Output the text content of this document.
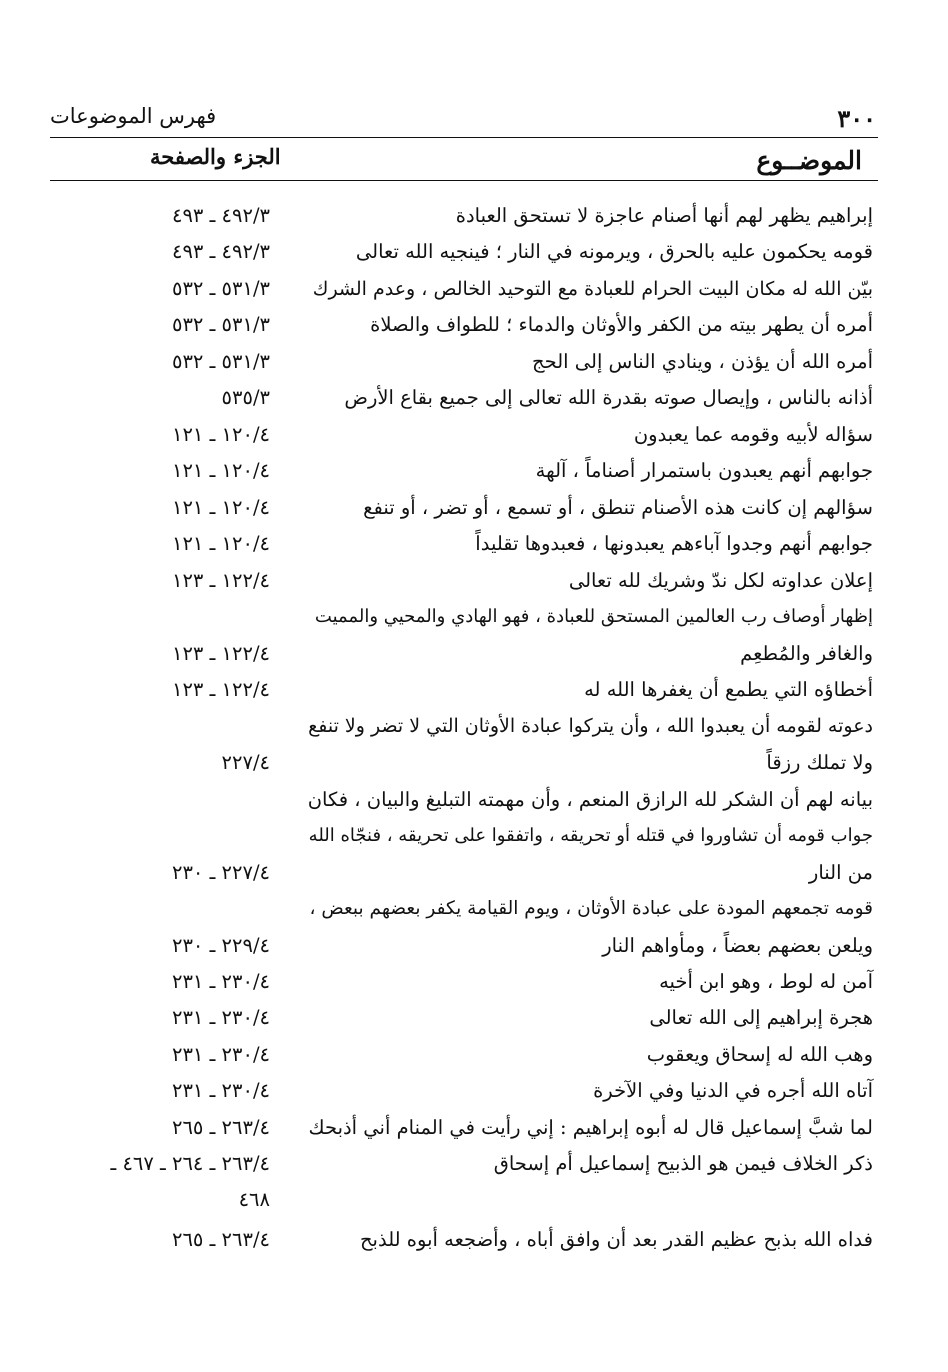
٣٠٠
فهرس الموضوعات
الموضــوع
الجزء والصفحة
إبراهيم يظهر لهم أنها أصنام عاجزة لا تستحق العبادة
٤٩٢/٣ ـ ٤٩٣
قومه يحكمون عليه بالحرق ، ويرمونه في النار ؛ فينجيه الله تعالى
٤٩٢/٣ ـ ٤٩٣
بيّن الله له مكان البيت الحرام للعبادة مع التوحيد الخالص ، وعدم الشرك
٥٣١/٣ ـ ٥٣٢
أمره أن يطهر بيته من الكفر والأوثان والدماء ؛ للطواف والصلاة
٥٣١/٣ ـ ٥٣٢
أمره الله أن يؤذن ، وينادي الناس إلى الحج
٥٣١/٣ ـ ٥٣٢
أذانه بالناس ، وإيصال صوته بقدرة الله تعالى إلى جميع بقاع الأرض
٥٣٥/٣
سؤاله لأبيه وقومه عما يعبدون
١٢٠/٤ ـ ١٢١
جوابهم أنهم يعبدون باستمرار أصناماً ، آلهة
١٢٠/٤ ـ ١٢١
سؤالهم إن كانت هذه الأصنام تنطق ، أو تسمع ، أو تضر ، أو تنفع
١٢٠/٤ ـ ١٢١
جوابهم أنهم وجدوا آباءهم يعبدونها ، فعبدوها تقليداً
١٢٠/٤ ـ ١٢١
إعلان عداوته لكل ندّ وشريك لله تعالى
١٢٢/٤ ـ ١٢٣
إظهار أوصاف رب العالمين المستحق للعبادة ، فهو الهادي والمحيي والمميت
والغافر والمُطعِم
١٢٢/٤ ـ ١٢٣
أخطاؤه التي يطمع أن يغفرها الله له
١٢٢/٤ ـ ١٢٣
دعوته لقومه أن يعبدوا الله ، وأن يتركوا عبادة الأوثان التي لا تضر ولا تنفع
ولا تملك رزقاً
٢٢٧/٤
بيانه لهم أن الشكر لله الرازق المنعم ، وأن مهمته التبليغ والبيان ، فكان
جواب قومه أن تشاوروا في قتله أو تحريقه ، واتفقوا على تحريقه ، فنجّاه الله
من النار
٢٢٧/٤ ـ ٢٣٠
قومه تجمعهم المودة على عبادة الأوثان ، ويوم القيامة يكفر بعضهم ببعض ،
ويلعن بعضهم بعضاً ، ومأواهم النار
٢٢٩/٤ ـ ٢٣٠
آمن له لوط ، وهو ابن أخيه
٢٣٠/٤ ـ ٢٣١
هجرة إبراهيم إلى الله تعالى
٢٣٠/٤ ـ ٢٣١
وهب الله له إسحاق ويعقوب
٢٣٠/٤ ـ ٢٣١
آتاه الله أجره في الدنيا وفي الآخرة
٢٣٠/٤ ـ ٢٣١
لما شبَّ إسماعيل قال له أبوه إبراهيم : إني رأيت في المنام أني أذبحك
٢٦٣/٤ ـ ٢٦٥
ذكر الخلاف فيمن هو الذبيح إسماعيل أم إسحاق
٢٦٣/٤ ـ ٢٦٤ ـ ٤٦٧ ـ
٤٦٨
فداه الله بذبح عظيم القدر بعد أن وافق أباه ، وأضجعه أبوه للذبح
٢٦٣/٤ ـ ٢٦٥
